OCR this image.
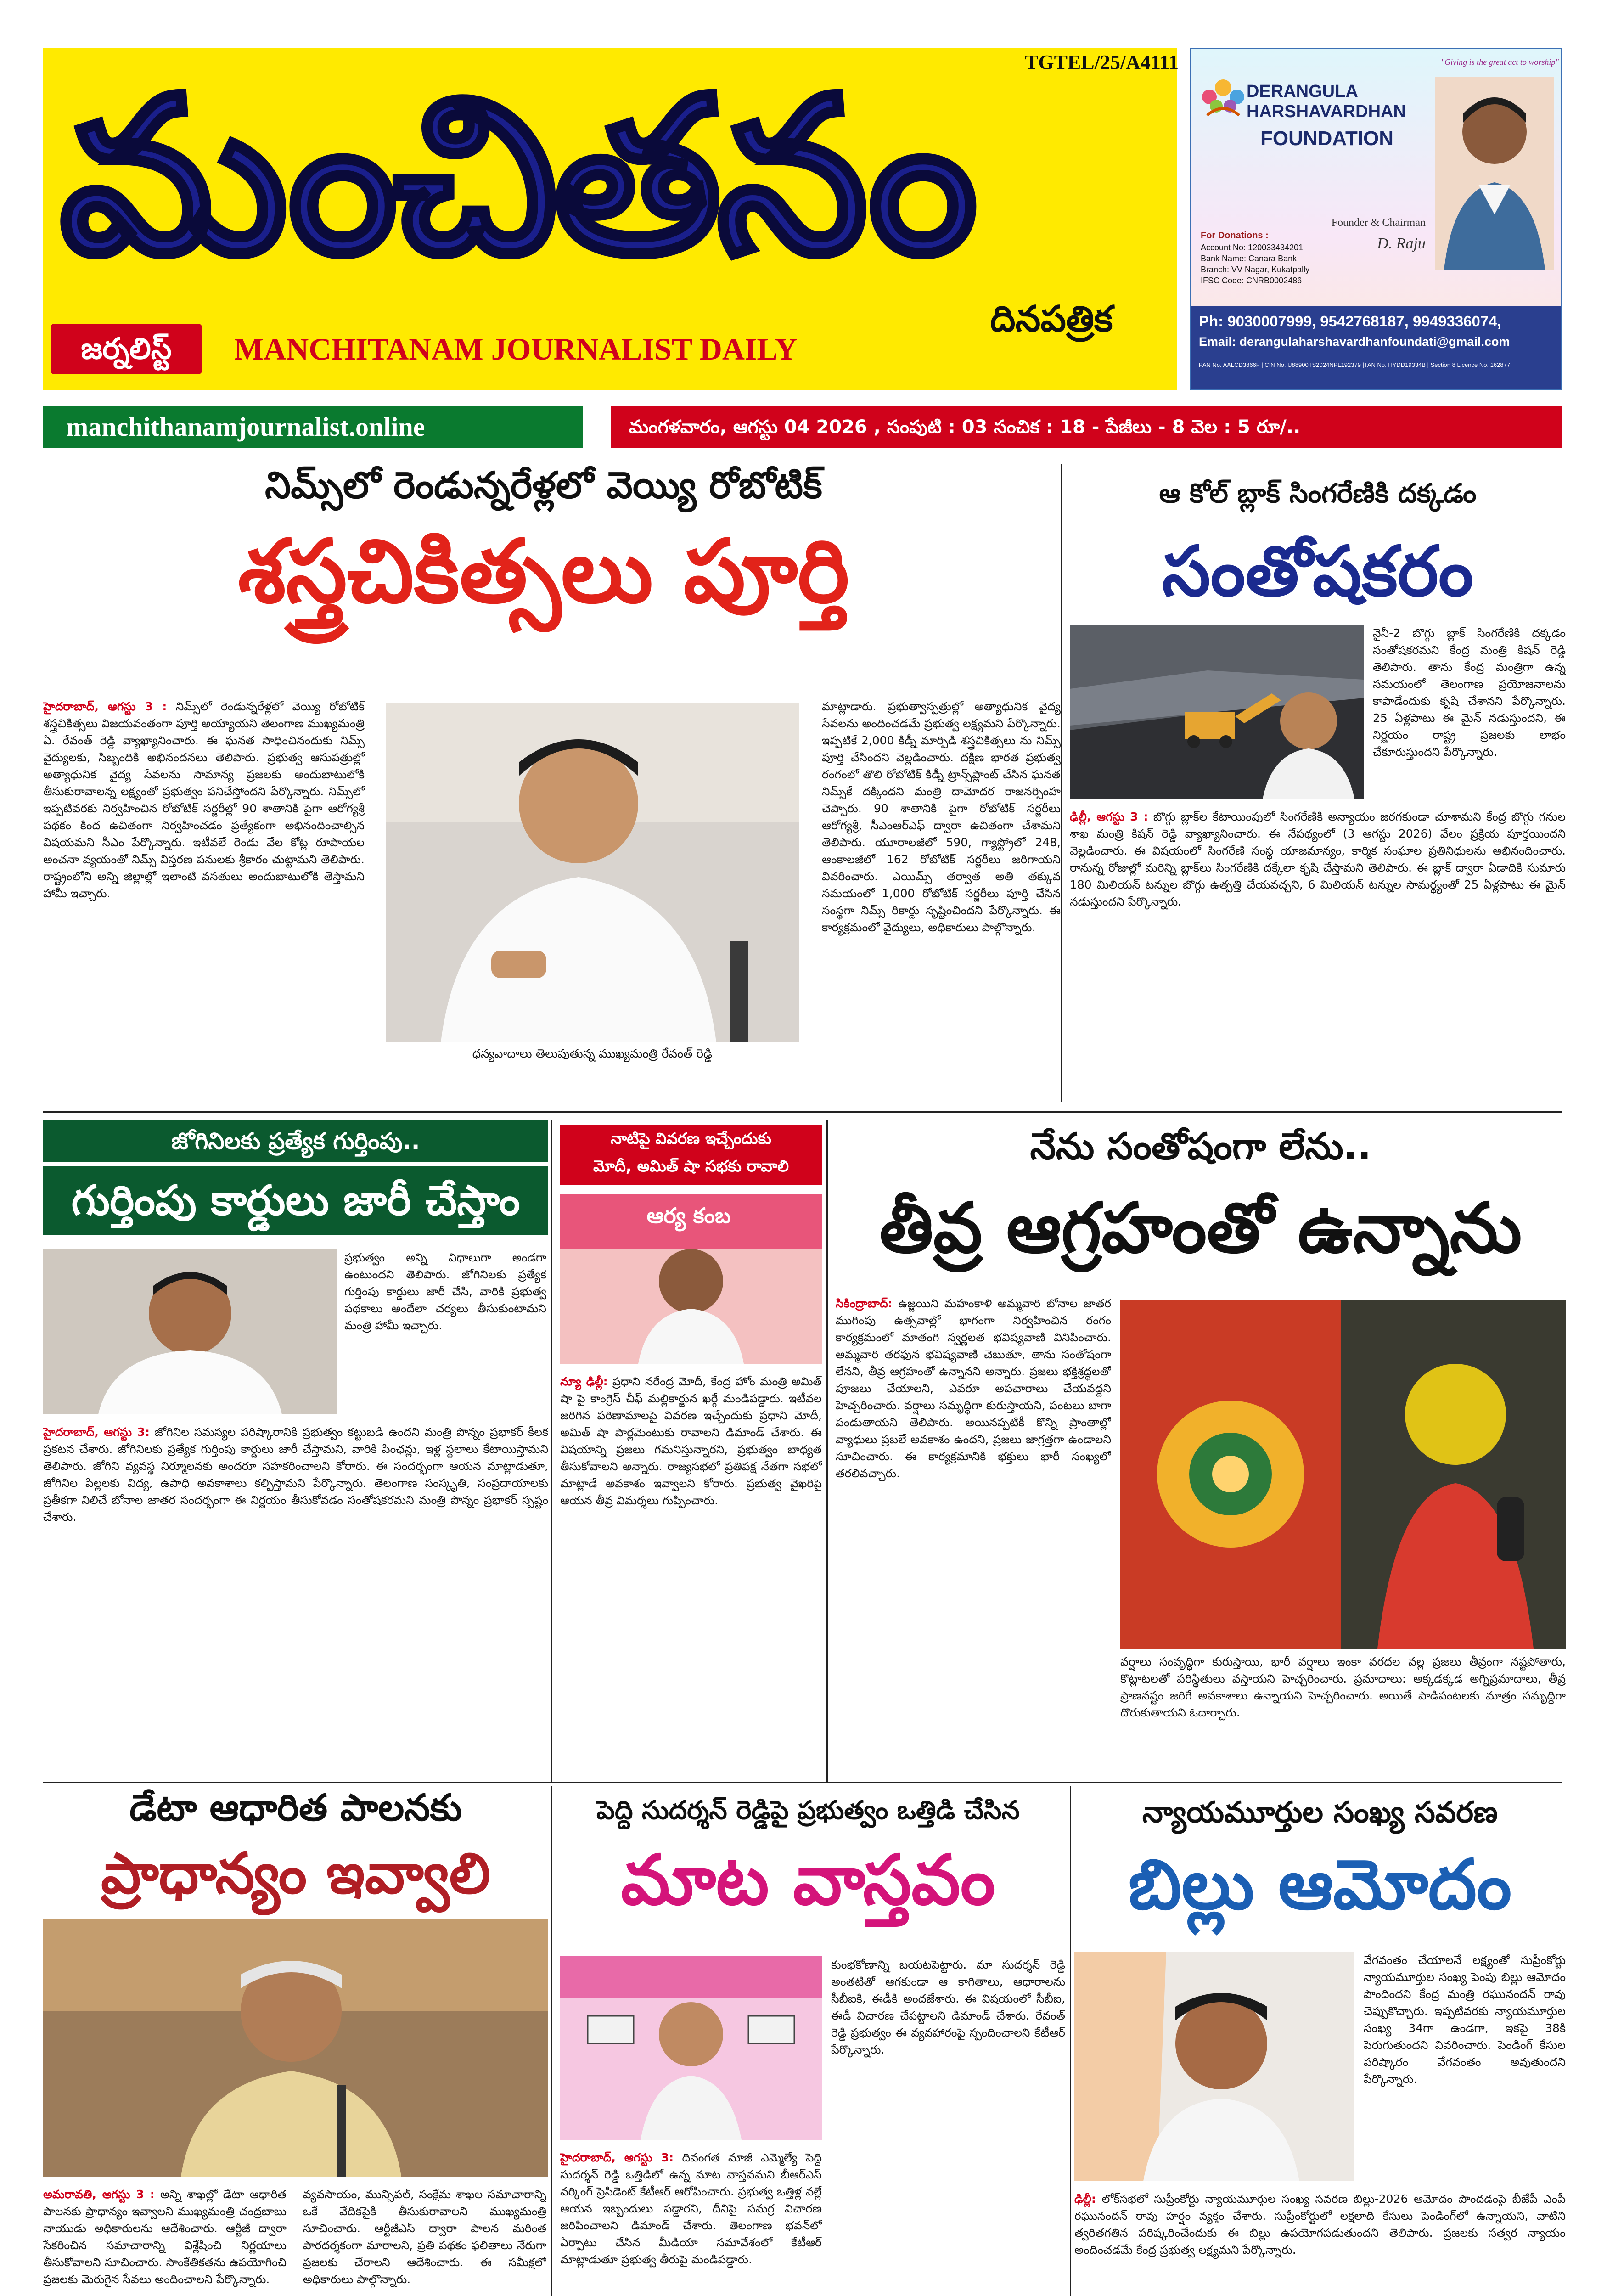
TGTEL/25/A4111
మంచితనం
జర్నలిస్ట్	MANCHITANAM JOURNALIST DAILY
దినపత్రిక
"Giving is the great act to worship"
DERANGULA HARSHAVARDHAN
FOUNDATION
Founder & Chairman
D. Raju
For Donations :
Account No: 120033434201
Bank Name: Canara Bank
Branch: VV Nagar, Kukatpally
IFSC Code: CNRB0002486
Ph: 9030007999, 9542768187, 9949336074,
Email: derangulaharshavardhanfoundati@gmail.com
PAN No. AALCD3866F | CIN No. U88900TS2024NPL192379 |TAN No. HYDD19334B | Section 8 Licence No. 162877
manchithanamjournalist.online	మంగళవారం, ఆగస్టు 04 2026 , సంపుటి : 03 సంచిక : 18 - పేజీలు - 8 వెల : 5 రూ/..
నిమ్స్‌లో రెండున్నరేళ్లలో వెయ్యి రోబోటిక్
శస్త్రచికిత్సలు పూర్తి
హైదరాబాద్, ఆగస్టు 3 : నిమ్స్‌లో రెండున్నరేళ్లలో వెయ్యి రోబోటిక్ శస్త్రచికిత్సలు విజయవంతంగా పూర్తి అయ్యాయని తెలంగాణ ముఖ్యమంత్రి ఏ. రేవంత్ రెడ్డి వ్యాఖ్యానించారు. ఈ ఘనత సాధించినందుకు నిమ్స్ వైద్యులకు, సిబ్బందికి అభినందనలు తెలిపారు. ప్రభుత్వ ఆసుపత్రుల్లో అత్యాధునిక వైద్య సేవలను సామాన్య ప్రజలకు అందుబాటులోకి తీసుకురావాలన్న లక్ష్యంతో ప్రభుత్వం పనిచేస్తోందని పేర్కొన్నారు. నిమ్స్‌లో ఇప్పటివరకు నిర్వహించిన రోబోటిక్ సర్జరీల్లో 90 శాతానికి పైగా ఆరోగ్యశ్రీ పథకం కింద ఉచితంగా నిర్వహించడం ప్రత్యేకంగా అభినందించాల్సిన విషయమని సీఎం పేర్కొన్నారు. ఇటీవలే రెండు వేల కోట్ల రూపాయల అంచనా వ్యయంతో నిమ్స్ విస్తరణ పనులకు శ్రీకారం చుట్టామని తెలిపారు. రాష్ట్రంలోని అన్ని జిల్లాల్లో ఇలాంటి వసతులు అందుబాటులోకి తెస్తామని హామీ ఇచ్చారు.
ధన్యవాదాలు తెలుపుతున్న ముఖ్యమంత్రి రేవంత్ రెడ్డి
మాట్లాడారు. ప్రభుత్వాస్పత్రుల్లో అత్యాధునిక వైద్య సేవలను అందించడమే ప్రభుత్వ లక్ష్యమని పేర్కొన్నారు. ఇప్పటికే 2,000 కిడ్నీ మార్పిడి శస్త్రచికిత్సలు ను నిమ్స్ పూర్తి చేసిందని వెల్లడించారు. దక్షిణ భారత ప్రభుత్వ రంగంలో తొలి రోబోటిక్ కిడ్నీ ట్రాన్స్‌ప్లాంట్ చేసిన ఘనత నిమ్స్‌కే దక్కిందని మంత్రి దామోదర రాజనర్సింహ చెప్పారు. 90 శాతానికి పైగా రోబోటిక్ సర్జరీలు ఆరోగ్యశ్రీ, సీఎంఆర్‌ఎఫ్ ద్వారా ఉచితంగా చేశామని తెలిపారు. యూరాలజీలో 590, గ్యాస్ట్రోలో 248, ఆంకాలజీలో 162 రోబోటిక్ సర్జరీలు జరిగాయని వివరించారు. ఎయిమ్స్ తర్వాత అతి తక్కువ సమయంలో 1,000 రోబోటిక్ సర్జరీలు పూర్తి చేసిన సంస్థగా నిమ్స్ రికార్డు సృష్టించిందని పేర్కొన్నారు. ఈ కార్యక్రమంలో వైద్యులు, అధికారులు పాల్గొన్నారు.
ఆ కోల్ బ్లాక్ సింగరేణికి దక్కడం
సంతోషకరం
నైనీ-2 బొగ్గు బ్లాక్ సింగరేణికి దక్కడం సంతోషకరమని కేంద్ర మంత్రి కిషన్ రెడ్డి తెలిపారు. తాను కేంద్ర మంత్రిగా ఉన్న సమయంలో తెలంగాణ ప్రయోజనాలను కాపాడేందుకు కృషి చేశానని పేర్కొన్నారు. 25 ఏళ్లపాటు ఈ మైన్ నడుస్తుందని, ఈ నిర్ణయం రాష్ట్ర ప్రజలకు లాభం చేకూరుస్తుందని పేర్కొన్నారు.
ఢిల్లీ, ఆగస్టు 3 : బొగ్గు బ్లాక్‌ల కేటాయింపులో సింగరేణికి అన్యాయం జరగకుండా చూశామని కేంద్ర బొగ్గు గనుల శాఖ మంత్రి కిషన్ రెడ్డి వ్యాఖ్యానించారు. ఈ నేపథ్యంలో (3 ఆగస్టు 2026) వేలం ప్రక్రియ పూర్తయిందని వెల్లడించారు. ఈ విషయంలో సింగరేణి సంస్థ యాజమాన్యం, కార్మిక సంఘాల ప్రతినిధులను అభినందించారు. రానున్న రోజుల్లో మరిన్ని బ్లాక్‌లు సింగరేణికి దక్కేలా కృషి చేస్తామని తెలిపారు. ఈ బ్లాక్ ద్వారా ఏడాదికి సుమారు 180 మిలియన్ టన్నుల బొగ్గు ఉత్పత్తి చేయవచ్చని, 6 మిలియన్ టన్నుల సామర్థ్యంతో 25 ఏళ్లపాటు ఈ మైన్ నడుస్తుందని పేర్కొన్నారు.
జోగినిలకు ప్రత్యేక గుర్తింపు..
గుర్తింపు కార్డులు జారీ చేస్తాం
ప్రభుత్వం అన్ని విధాలుగా అండగా ఉంటుందని తెలిపారు. జోగినిలకు ప్రత్యేక గుర్తింపు కార్డులు జారీ చేసి, వారికి ప్రభుత్వ పథకాలు అందేలా చర్యలు తీసుకుంటామని మంత్రి హామీ ఇచ్చారు.
హైదరాబాద్, ఆగస్టు 3: జోగినిల సమస్యల పరిష్కారానికి ప్రభుత్వం కట్టుబడి ఉందని మంత్రి పొన్నం ప్రభాకర్ కీలక ప్రకటన చేశారు. జోగినిలకు ప్రత్యేక గుర్తింపు కార్డులు జారీ చేస్తామని, వారికి పింఛన్లు, ఇళ్ల స్థలాలు కేటాయిస్తామని తెలిపారు. జోగిని వ్యవస్థ నిర్మూలనకు అందరూ సహకరించాలని కోరారు. ఈ సందర్భంగా ఆయన మాట్లాడుతూ, జోగినిల పిల్లలకు విద్య, ఉపాధి అవకాశాలు కల్పిస్తామని పేర్కొన్నారు. తెలంగాణ సంస్కృతి, సంప్రదాయాలకు ప్రతీకగా నిలిచే బోనాల జాతర సందర్భంగా ఈ నిర్ణయం తీసుకోవడం సంతోషకరమని మంత్రి పొన్నం ప్రభాకర్ స్పష్టం చేశారు.
నాటిపై వివరణ ఇచ్చేందుకు
మోదీ, అమిత్ షా సభకు రావాలి
ఆర్య కంబ
న్యూ ఢిల్లీ: ప్రధాని నరేంద్ర మోదీ, కేంద్ర హోం మంత్రి అమిత్ షా పై కాంగ్రెస్ చీఫ్ మల్లికార్జున ఖర్గే మండిపడ్డారు. ఇటీవల జరిగిన పరిణామాలపై వివరణ ఇచ్చేందుకు ప్రధాని మోదీ, అమిత్ షా పార్లమెంటుకు రావాలని డిమాండ్ చేశారు. ఈ విషయాన్ని ప్రజలు గమనిస్తున్నారని, ప్రభుత్వం బాధ్యత తీసుకోవాలని అన్నారు. రాజ్యసభలో ప్రతిపక్ష నేతగా సభలో మాట్లాడే అవకాశం ఇవ్వాలని కోరారు. ప్రభుత్వ వైఖరిపై ఆయన తీవ్ర విమర్శలు గుప్పించారు.
నేను సంతోషంగా లేను..
తీవ్ర ఆగ్రహంతో ఉన్నాను
సికింద్రాబాద్: ఉజ్జయిని మహంకాళి అమ్మవారి బోనాల జాతర ముగింపు ఉత్సవాల్లో భాగంగా నిర్వహించిన రంగం కార్యక్రమంలో మాతంగి స్వర్ణలత భవిష్యవాణి వినిపించారు. అమ్మవారి తరఫున భవిష్యవాణి చెబుతూ, తాను సంతోషంగా లేనని, తీవ్ర ఆగ్రహంతో ఉన్నానని అన్నారు. ప్రజలు భక్తిశ్రద్ధలతో పూజలు చేయాలని, ఎవరూ అపచారాలు చేయవద్దని హెచ్చరించారు. వర్షాలు సమృద్ధిగా కురుస్తాయని, పంటలు బాగా పండుతాయని తెలిపారు. అయినప్పటికీ కొన్ని ప్రాంతాల్లో వ్యాధులు ప్రబలే అవకాశం ఉందని, ప్రజలు జాగ్రత్తగా ఉండాలని సూచించారు. ఈ కార్యక్రమానికి భక్తులు భారీ సంఖ్యలో తరలివచ్చారు.
వర్షాలు సంవృద్ధిగా కురుస్తాయి, భారీ వర్షాలు ఇంకా వరదల వల్ల ప్రజలు తీవ్రంగా నష్టపోతారు, కొట్లాటలతో పరిస్థితులు వస్తాయని హెచ్చరించారు. ప్రమాదాలు: అక్కడక్కడ అగ్నిప్రమాదాలు, తీవ్ర ప్రాణనష్టం జరిగే అవకాశాలు ఉన్నాయని హెచ్చరించారు. అయితే పాడిపంటలకు మాత్రం సమృద్ధిగా దొరుకుతాయని ఓదార్చారు.
డేటా ఆధారిత పాలనకు
ప్రాధాన్యం ఇవ్వాలి
అమరావతి, ఆగస్టు 3 : అన్ని శాఖల్లో డేటా ఆధారిత పాలనకు ప్రాధాన్యం ఇవ్వాలని ముఖ్యమంత్రి చంద్రబాబు నాయుడు అధికారులను ఆదేశించారు. ఆర్టీజీ ద్వారా సేకరించిన సమాచారాన్ని విశ్లేషించి నిర్ణయాలు తీసుకోవాలని సూచించారు. సాంకేతికతను ఉపయోగించి ప్రజలకు మెరుగైన సేవలు అందించాలని పేర్కొన్నారు.
వ్యవసాయం, మున్సిపల్, సంక్షేమ శాఖల సమాచారాన్ని ఒకే వేదికపైకి తీసుకురావాలని ముఖ్యమంత్రి సూచించారు. ఆర్టీజీఎస్ ద్వారా పాలన మరింత పారదర్శకంగా మారాలని, ప్రతి పథకం ఫలితాలు నేరుగా ప్రజలకు చేరాలని ఆదేశించారు. ఈ సమీక్షలో అధికారులు పాల్గొన్నారు.
పెద్ది సుదర్శన్ రెడ్డిపై ప్రభుత్వం ఒత్తిడి చేసిన
మాట వాస్తవం
కుంభకోణాన్ని బయటపెట్టారు. మా సుదర్శన్ రెడ్డి అంతటితో ఆగకుండా ఆ కాగితాలు, ఆధారాలను సీబీఐకి, ఈడీకి అందజేశారు. ఈ విషయంలో సీబీఐ, ఈడీ విచారణ చేపట్టాలని డిమాండ్ చేశారు. రేవంత్ రెడ్డి ప్రభుత్వం ఈ వ్యవహారంపై స్పందించాలని కేటీఆర్ పేర్కొన్నారు.
హైదరాబాద్, ఆగస్టు 3: దివంగత మాజీ ఎమ్మెల్యే పెద్ది సుదర్శన్ రెడ్డి ఒత్తిడిలో ఉన్న మాట వాస్తవమని బీఆర్ఎస్ వర్కింగ్ ప్రెసిడెంట్ కేటీఆర్ ఆరోపించారు. ప్రభుత్వ ఒత్తిళ్ల వల్లే ఆయన ఇబ్బందులు పడ్డారని, దీనిపై సమగ్ర విచారణ జరిపించాలని డిమాండ్ చేశారు. తెలంగాణ భవన్‌లో ఏర్పాటు చేసిన మీడియా సమావేశంలో కేటీఆర్ మాట్లాడుతూ ప్రభుత్వ తీరుపై మండిపడ్డారు.
న్యాయమూర్తుల సంఖ్య సవరణ
బిల్లు ఆమోదం
వేగవంతం చేయాలనే లక్ష్యంతో సుప్రీంకోర్టు న్యాయమూర్తుల సంఖ్య పెంపు బిల్లు ఆమోదం పొందిందని కేంద్ర మంత్రి రఘునందన్ రావు చెప్పుకొచ్చారు. ఇప్పటివరకు న్యాయమూర్తుల సంఖ్య 34గా ఉండగా, ఇకపై 38కి పెరుగుతుందని వివరించారు. పెండింగ్ కేసుల పరిష్కారం వేగవంతం అవుతుందని పేర్కొన్నారు.
ఢిల్లీ: లోక్‌సభలో సుప్రీంకోర్టు న్యాయమూర్తుల సంఖ్య సవరణ బిల్లు-2026 ఆమోదం పొందడంపై బీజేపీ ఎంపీ రఘునందన్ రావు హర్షం వ్యక్తం చేశారు. సుప్రీంకోర్టులో లక్షలాది కేసులు పెండింగ్‌లో ఉన్నాయని, వాటిని త్వరితగతిన పరిష్కరించేందుకు ఈ బిల్లు ఉపయోగపడుతుందని తెలిపారు. ప్రజలకు సత్వర న్యాయం అందించడమే కేంద్ర ప్రభుత్వ లక్ష్యమని పేర్కొన్నారు.
